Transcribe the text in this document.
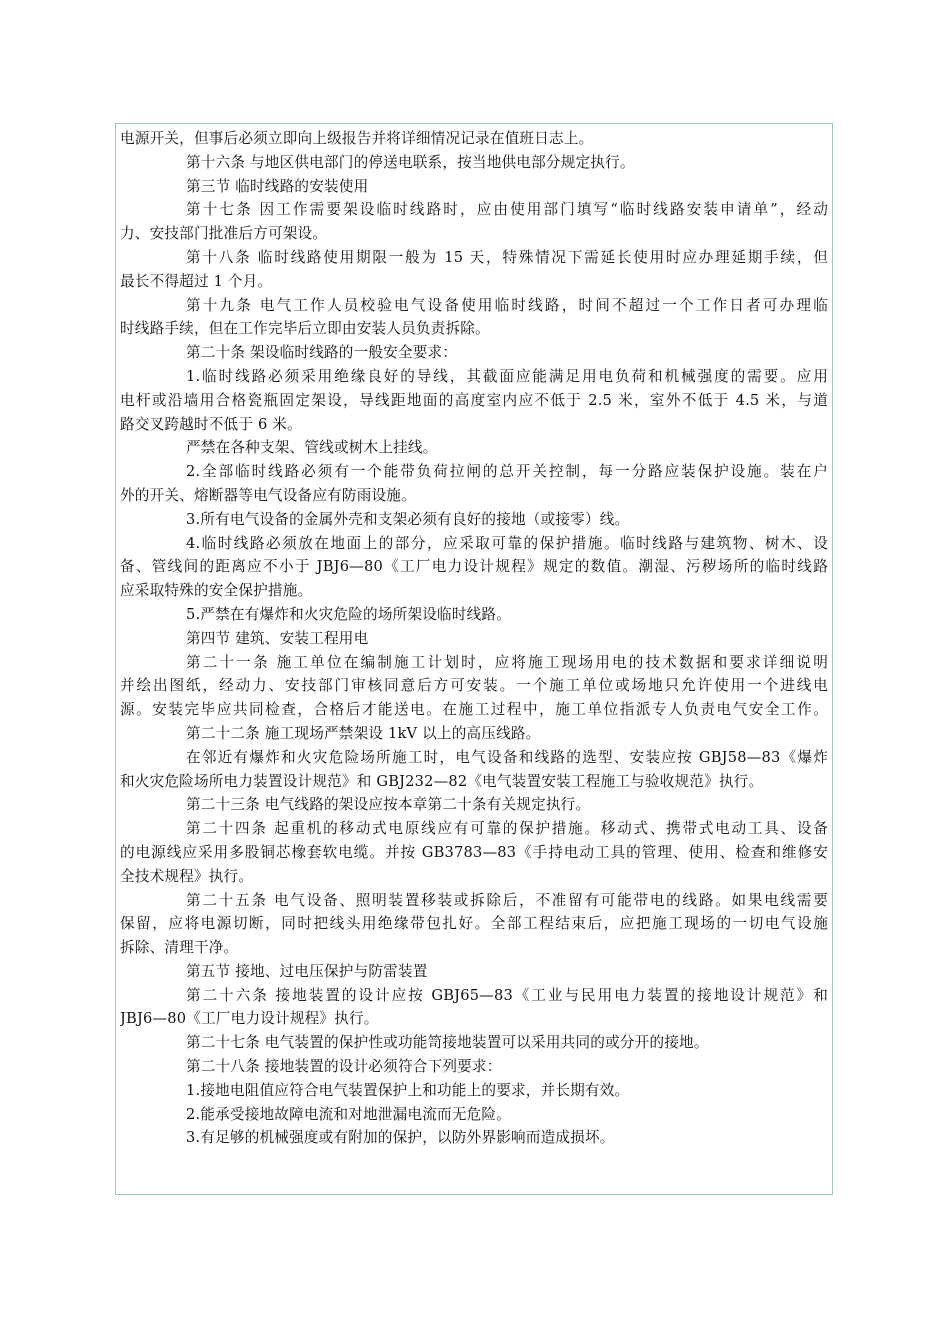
电源开关，但事后必须立即向上级报告并将详细情况记录在值班日志上。
第十六条 与地区供电部门的停送电联系，按当地供电部分规定执行。
第三节 临时线路的安装使用
第十七条 因工作需要架设临时线路时，应由使用部门填写“临时线路安装申请单”，经动
力、安技部门批准后方可架设。
第十八条 临时线路使用期限一般为 15 天，特殊情况下需延长使用时应办理延期手续，但
最长不得超过 1 个月。
第十九条 电气工作人员校验电气设备使用临时线路，时间不超过一个工作日者可办理临
时线路手续，但在工作完毕后立即由安装人员负责拆除。
第二十条 架设临时线路的一般安全要求：
1.临时线路必须采用绝缘良好的导线，其截面应能满足用电负荷和机械强度的需要。应用
电杆或沿墙用合格瓷瓶固定架设，导线距地面的高度室内应不低于 2.5 米，室外不低于 4.5 米，与道
路交叉跨越时不低于 6 米。
严禁在各种支架、管线或树木上挂线。
2.全部临时线路必须有一个能带负荷拉闸的总开关控制，每一分路应装保护设施。装在户
外的开关、熔断器等电气设备应有防雨设施。
3.所有电气设备的金属外壳和支架必须有良好的接地（或接零）线。
4.临时线路必须放在地面上的部分，应采取可靠的保护措施。临时线路与建筑物、树木、设
备、管线间的距离应不小于 JBJ6—80《工厂电力设计规程》规定的数值。潮湿、污秽场所的临时线路
应采取特殊的安全保护措施。
5.严禁在有爆炸和火灾危险的场所架设临时线路。
第四节 建筑、安装工程用电
第二十一条 施工单位在编制施工计划时，应将施工现场用电的技术数据和要求详细说明
并绘出图纸，经动力、安技部门审核同意后方可安装。一个施工单位或场地只允许使用一个进线电
源。安装完毕应共同检查，合格后才能送电。在施工过程中，施工单位指派专人负责电气安全工作。
第二十二条 施工现场严禁架设 1kV 以上的高压线路。
在邻近有爆炸和火灾危险场所施工时，电气设备和线路的选型、安装应按 GBJ58—83《爆炸
和火灾危险场所电力装置设计规范》和 GBJ232—82《电气装置安装工程施工与验收规范》执行。
第二十三条 电气线路的架设应按本章第二十条有关规定执行。
第二十四条 起重机的移动式电原线应有可靠的保护措施。移动式、携带式电动工具、设备
的电源线应采用多股铜芯橡套软电缆。并按 GB3783—83《手持电动工具的管理、使用、检查和维修安
全技术规程》执行。
第二十五条 电气设备、照明装置移装或拆除后，不准留有可能带电的线路。如果电线需要
保留，应将电源切断，同时把线头用绝缘带包扎好。全部工程结束后，应把施工现场的一切电气设施
拆除、清理干净。
第五节 接地、过电压保护与防雷装置
第二十六条 接地装置的设计应按 GBJ65—83《工业与民用电力装置的接地设计规范》和
JBJ6—80《工厂电力设计规程》执行。
第二十七条 电气装置的保护性或功能笥接地装置可以采用共同的或分开的接地。
第二十八条 接地装置的设计必须符合下列要求：
1.接地电阻值应符合电气装置保护上和功能上的要求，并长期有效。
2.能承受接地故障电流和对地泄漏电流而无危险。
3.有足够的机械强度或有附加的保护，以防外界影响而造成损坏。
